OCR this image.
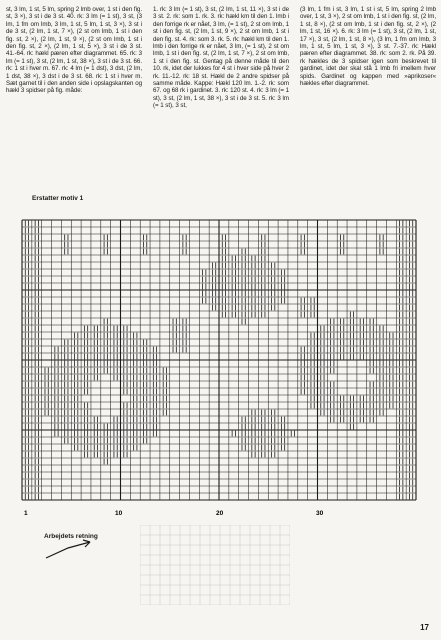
st, 3 lm, 1 st, 5 lm, spring 2 lmb over, 1 st i den fig. st, 3 ×), 3 st i de 3 st. 40. rk: 3 lm (= 1 st), 3 st, (3 lm, 1 fm om lmb, 3 lm, 1 st, 5 lm, 1 st, 3 ×), 3 st i de 3 st, (2 lm, 1 st, 7 ×), (2 st om lmb, 1 st i den fig. st, 2 ×), (2 lm, 1 st, 9 ×), (2 st om lmb, 1 st i den fig. st, 2 ×), (2 lm, 1 st, 5 ×), 3 st i de 3 st. 41.-64. rk: hækl pæren efter diagrammet. 65. rk: 3 lm (= 1 st), 3 st, (2 lm, 1 st, 38 ×), 3 st i de 3 st. 66. rk: 1 st i hver m. 67. rk: 4 lm (= 1 dst), 3 dst, (2 lm, 1 dst, 38 ×), 3 dst i de 3 st. 68. rk: 1 st i hver m. Sæt garnet til i den anden side i opslagskanten og hækl 3 spidser på fig. måde:

1. rk: 3 lm (= 1 st), 3 st, (2 lm, 1 st, 11 ×), 3 st i de 3 st. 2. rk: som 1. rk. 3. rk: hækl km til den 1. lmb i den forrige rk er nået, 3 lm, (= 1 st), 2 st om lmb, 1 st i den fig. st, (2 lm, 1 st, 9 ×), 2 st om lmb, 1 st i den fig. st. 4. rk: som 3. rk. 5. rk: hækl km til den 1. lmb i den forrige rk er nået, 3 lm, (= 1 st), 2 st om lmb, 1 st i den fig. st, (2 lm, 1 st, 7 ×), 2 st om lmb, 1 st i den fig. st. Gentag på denne måde til den 10. rk, idet der lukkes for 4 st i hver side på hver 2 rk. 11.-12. rk: 18 st. Hækl de 2 andre spidser på samme måde. Kappe: Hækl 120 lm. 1.-2. rk: som 67. og 68 rk i gardinet. 3. rk: 120 st. 4. rk: 3 lm (= 1 st), 3 st, (2 lm, 1 st, 38 ×), 3 st i de 3 st. 5. rk: 3 lm (= 1 st), 3 st,

(3 lm, 1 fm i st, 3 lm, 1 st i st, 5 lm, spring 2 lmb over, 1 st, 3 ×), 2 st om lmb, 1 st i den fig. st, (2 lm, 1 st, 8 ×), (2 st om lmb, 1 st i den fig. st, 2 ×), (2 lm, 1 st, 16 ×). 6. rk: 3 lm (= 1 st), 3 st, (2 lm, 1 st, 17 ×), 3 st, (2 lm, 1 st, 8 ×), (3 lm, 1 fm om lmb, 3 lm, 1 st, 5 lm, 1 st, 3 ×), 3 st. 7.-37. rk: Hækl pæren efter diagrammet. 38. rk: som 2. rk. På 39. rk hækles de 3 spidser igen som beskrevet til gardinet, idet der skal stå 1 lmb fri imellem hver spids. Gardinet og kappen med »aprikoser« hækles efter diagrammet.

Erstatter motiv 1
1	10	20	30
Arbejdets retning
17
